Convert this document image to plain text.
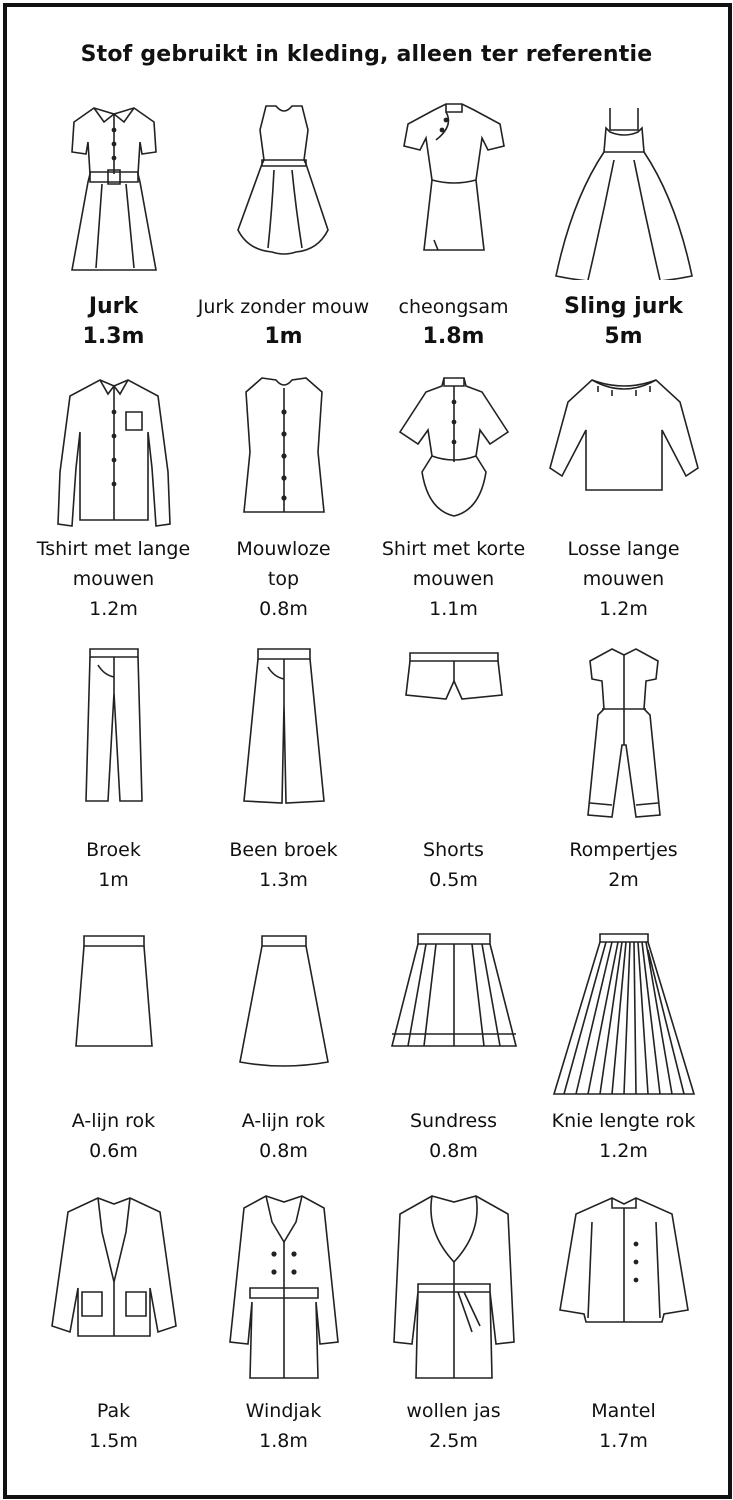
Stof gebruikt in kleding, alleen ter referentie
Jurk
1.3m
Jurk zonder mouw
1m
cheongsam
1.8m
Sling jurk
5m
Tshirt met lange
mouwen
1.2m
Mouwloze
top
0.8m
Shirt met korte
mouwen
1.1m
Losse lange
mouwen
1.2m
Broek
1m
Been broek
1.3m
Shorts
0.5m
Rompertjes
2m
A-lijn rok
0.6m
A-lijn rok
0.8m
Sundress
0.8m
Knie lengte rok
1.2m
Pak
1.5m
Windjak
1.8m
wollen jas
2.5m
Mantel
1.7m
